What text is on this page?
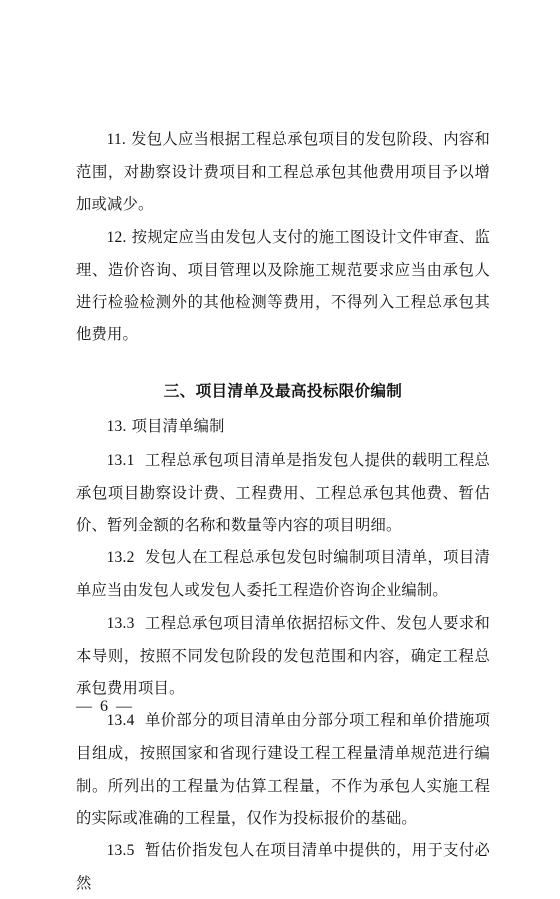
11. 发包人应当根据工程总承包项目的发包阶段、内容和范围，对勘察设计费项目和工程总承包其他费用项目予以增加或减少。

12. 按规定应当由发包人支付的施工图设计文件审查、监理、造价咨询、项目管理以及除施工规范要求应当由承包人进行检验检测外的其他检测等费用，不得列入工程总承包其他费用。

三、项目清单及最高投标限价编制

13. 项目清单编制

13.1 工程总承包项目清单是指发包人提供的载明工程总承包项目勘察设计费、工程费用、工程总承包其他费、暂估价、暂列金额的名称和数量等内容的项目明细。

13.2 发包人在工程总承包发包时编制项目清单，项目清单应当由发包人或发包人委托工程造价咨询企业编制。

13.3 工程总承包项目清单依据招标文件、发包人要求和本导则，按照不同发包阶段的发包范围和内容，确定工程总承包费用项目。

13.4 单价部分的项目清单由分部分项工程和单价措施项目组成，按照国家和省现行建设工程工程量清单规范进行编制。所列出的工程量为估算工程量，不作为承包人实施工程的实际或准确的工程量，仅作为投标报价的基础。

13.5 暂估价指发包人在项目清单中提供的，用于支付必然

— 6 —
